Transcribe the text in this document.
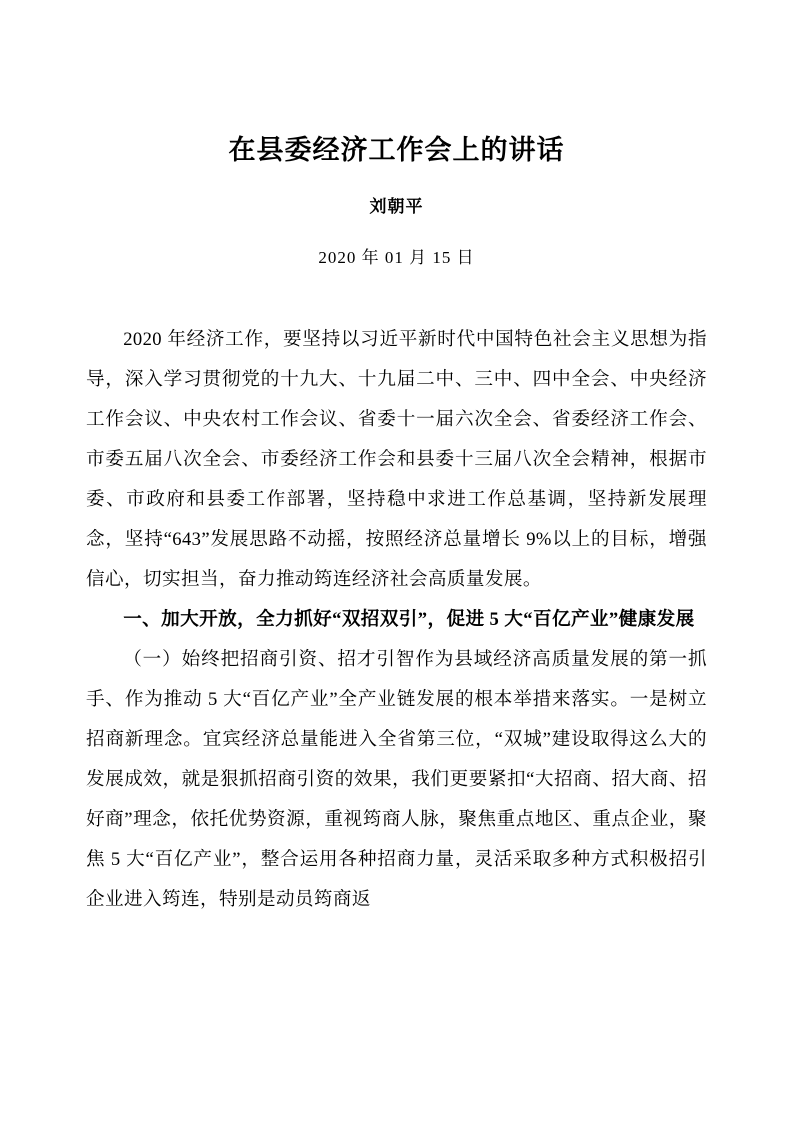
在县委经济工作会上的讲话
刘朝平
2020 年 01 月 15 日

2020 年经济工作，要坚持以习近平新时代中国特色社会主义思想为指导，深入学习贯彻党的十九大、十九届二中、三中、四中全会、中央经济工作会议、中央农村工作会议、省委十一届六次全会、省委经济工作会、市委五届八次全会、市委经济工作会和县委十三届八次全会精神，根据市委、市政府和县委工作部署，坚持稳中求进工作总基调，坚持新发展理念，坚持“643”发展思路不动摇，按照经济总量增长 9%以上的目标，增强信心，切实担当，奋力推动筠连经济社会高质量发展。

一、加大开放，全力抓好“双招双引”，促进 5 大“百亿产业”健康发展

（一）始终把招商引资、招才引智作为县域经济高质量发展的第一抓手、作为推动 5 大“百亿产业”全产业链发展的根本举措来落实。一是树立招商新理念。宜宾经济总量能进入全省第三位，“双城”建设取得这么大的发展成效，就是狠抓招商引资的效果，我们更要紧扣“大招商、招大商、招好商”理念，依托优势资源，重视筠商人脉，聚焦重点地区、重点企业，聚焦 5 大“百亿产业”，整合运用各种招商力量，灵活采取多种方式积极招引企业进入筠连，特别是动员筠商返
